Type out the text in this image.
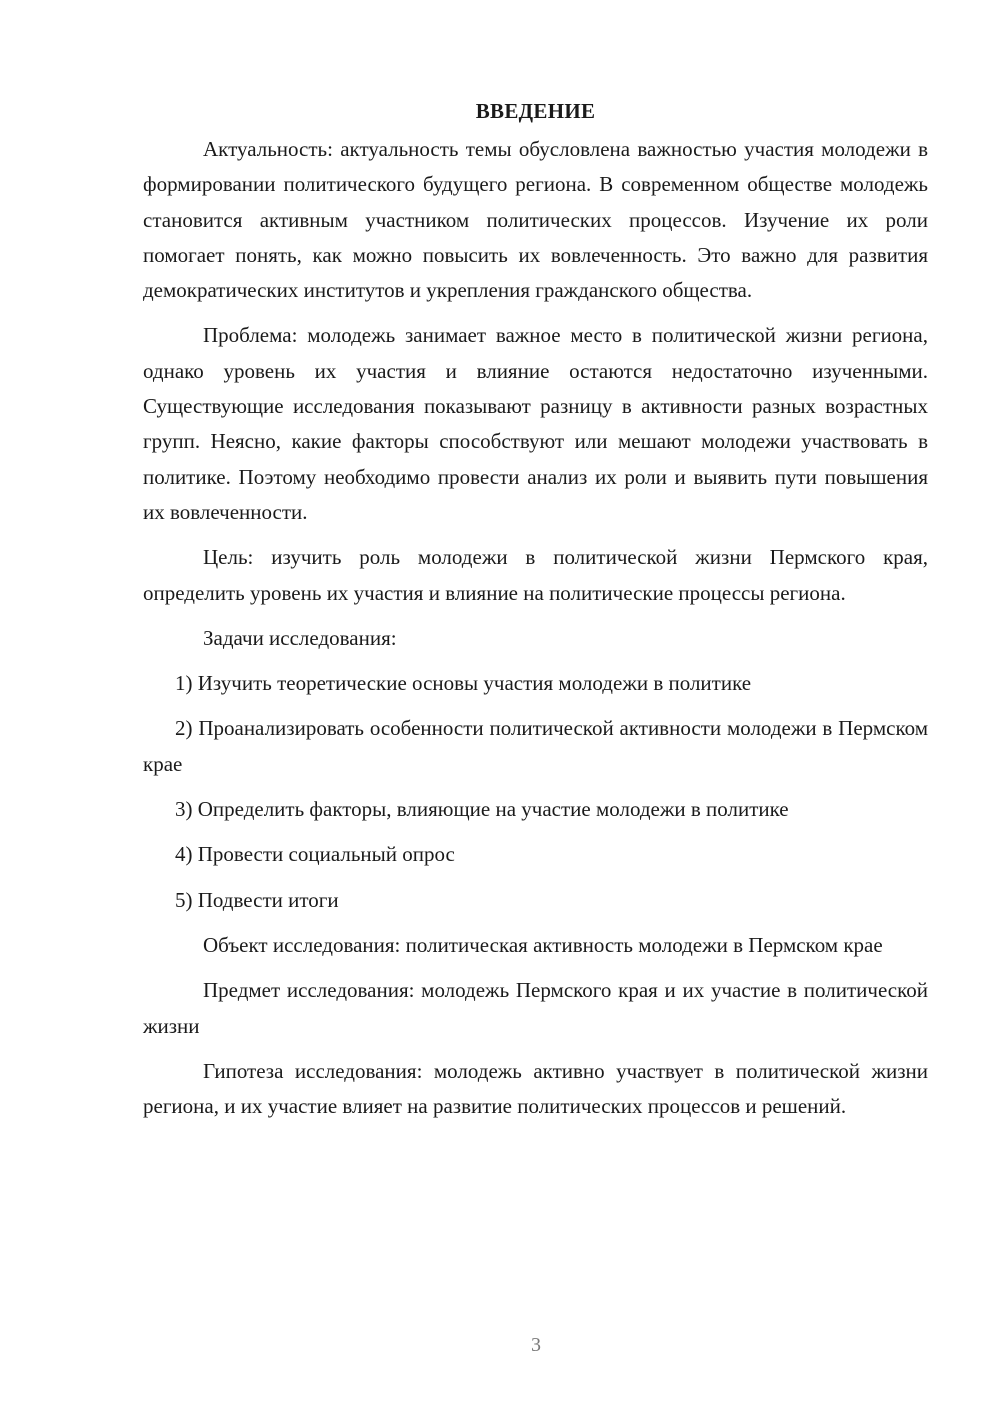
ВВЕДЕНИЕ

Актуальность: актуальность темы обусловлена важностью участия молодежи в формировании политического будущего региона. В современном обществе молодежь становится активным участником политических процессов. Изучение их роли помогает понять, как можно повысить их вовлеченность. Это важно для развития демократических институтов и укрепления гражданского общества.

Проблема: молодежь занимает важное место в политической жизни региона, однако уровень их участия и влияние остаются недостаточно изученными. Существующие исследования показывают разницу в активности разных возрастных групп. Неясно, какие факторы способствуют или мешают молодежи участвовать в политике. Поэтому необходимо провести анализ их роли и выявить пути повышения их вовлеченности.

Цель: изучить роль молодежи в политической жизни Пермского края, определить уровень их участия и влияние на политические процессы региона.

Задачи исследования:

1) Изучить теоретические основы участия молодежи в политике

2) Проанализировать особенности политической активности молодежи в Пермском крае

3) Определить факторы, влияющие на участие молодежи в политике

4) Провести социальный опрос

5) Подвести итоги

Объект исследования: политическая активность молодежи в Пермском крае

Предмет исследования: молодежь Пермского края и их участие в политической жизни

Гипотеза исследования: молодежь активно участвует в политической жизни региона, и их участие влияет на развитие политических процессов и решений.

3
